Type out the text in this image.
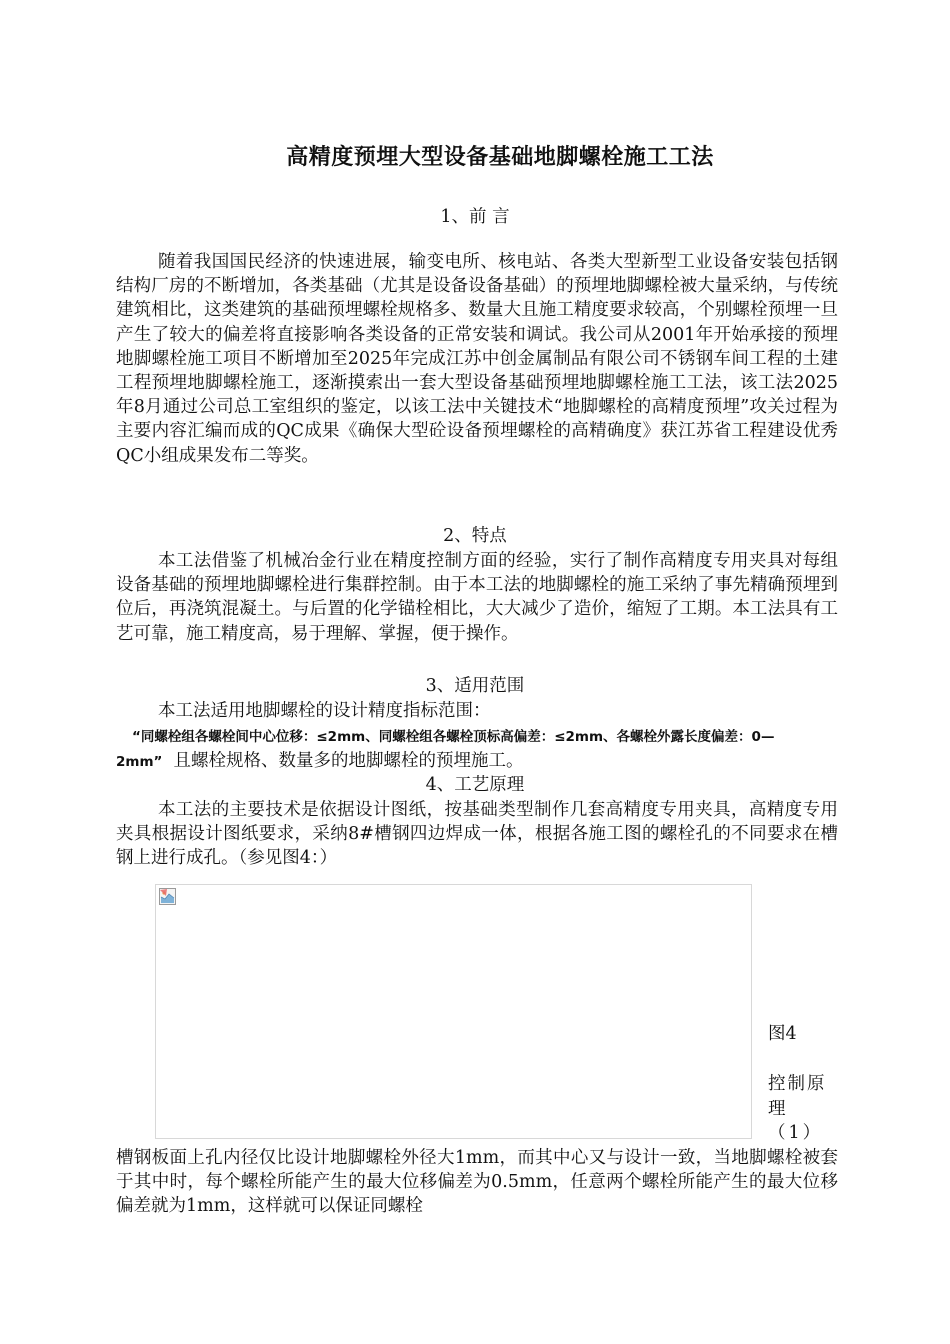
高精度预埋大型设备基础地脚螺栓施工工法
1、前 言

随着我国国民经济的快速进展，输变电所、核电站、各类大型新型工业设备安装包括钢结构厂房的不断增加，各类基础（尤其是设备设备基础）的预埋地脚螺栓被大量采纳，与传统建筑相比，这类建筑的基础预埋螺栓规格多、数量大且施工精度要求较高，个别螺栓预埋一旦产生了较大的偏差将直接影响各类设备的正常安装和调试。我公司从2001年开始承接的预埋地脚螺栓施工项目不断增加至2025年完成江苏中创金属制品有限公司不锈钢车间工程的土建工程预埋地脚螺栓施工，逐渐摸索出一套大型设备基础预埋地脚螺栓施工工法，该工法2025年8月通过公司总工室组织的鉴定，以该工法中关键技术“地脚螺栓的高精度预埋”攻关过程为主要内容汇编而成的QC成果《确保大型砼设备预埋螺栓的高精确度》获江苏省工程建设优秀QC小组成果发布二等奖。

2、特点

本工法借鉴了机械冶金行业在精度控制方面的经验，实行了制作高精度专用夹具对每组设备基础的预埋地脚螺栓进行集群控制。由于本工法的地脚螺栓的施工采纳了事先精确预埋到位后，再浇筑混凝土。与后置的化学锚栓相比，大大减少了造价，缩短了工期。本工法具有工艺可靠，施工精度高，易于理解、掌握，便于操作。

3、适用范围

本工法适用地脚螺栓的设计精度指标范围：

“同螺栓组各螺栓间中心位移：≤2mm、同螺栓组各螺栓顶标高偏差：≤2mm、各螺栓外露长度偏差：0—2mm” 且螺栓规格、数量多的地脚螺栓的预埋施工。
4、工艺原理

本工法的主要技术是依据设计图纸，按基础类型制作几套高精度专用夹具，高精度专用夹具根据设计图纸要求，采纳8#槽钢四边焊成一体，根据各施工图的螺栓孔的不同要求在槽钢上进行成孔。（参见图4：）

图4
控制原
理
（1）

槽钢板面上孔内径仅比设计地脚螺栓外径大1mm，而其中心又与设计一致，当地脚螺栓被套于其中时，每个螺栓所能产生的最大位移偏差为0.5mm，任意两个螺栓所能产生的最大位移偏差就为1mm，这样就可以保证同螺栓
